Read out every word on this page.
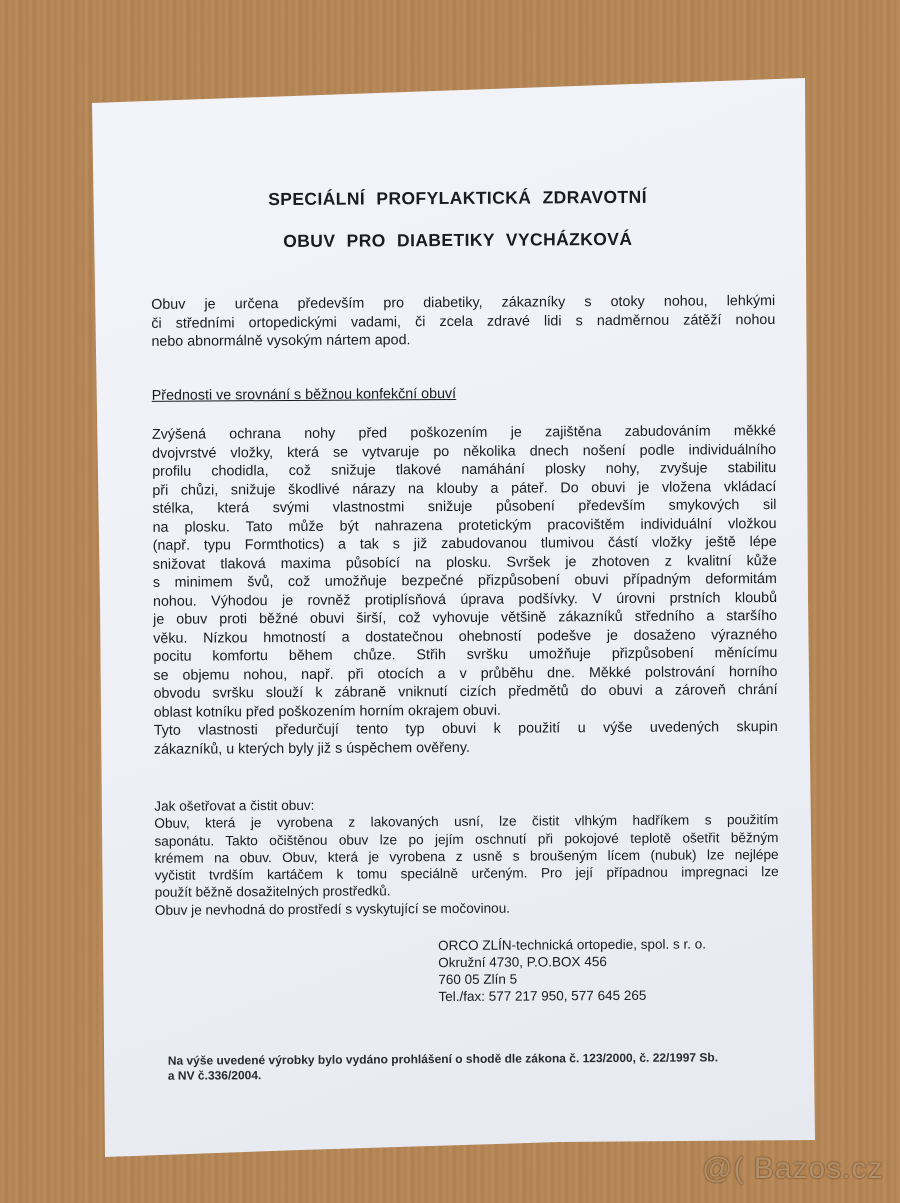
SPECIÁLNÍ PROFYLAKTICKÁ ZDRAVOTNÍ
OBUV PRO DIABETIKY VYCHÁZKOVÁ
Obuv je určena především pro diabetiky, zákazníky s otoky nohou, lehkými
či středními ortopedickými vadami, či zcela zdravé lidi s nadměrnou zátěží nohou
nebo abnormálně vysokým nártem apod.
Přednosti ve srovnání s běžnou konfekční obuví
Zvýšená ochrana nohy před poškozením je zajištěna zabudováním měkké
dvojvrstvé vložky, která se vytvaruje po několika dnech nošení podle individuálního
profilu chodidla, což snižuje tlakové namáhání plosky nohy, zvyšuje stabilitu
při chůzi, snižuje škodlivé nárazy na klouby a páteř. Do obuvi je vložena vkládací
stélka, která svými vlastnostmi snižuje působení především smykových sil
na plosku. Tato může být nahrazena protetickým pracovištěm individuální vložkou
(např. typu Formthotics) a tak s již zabudovanou tlumivou částí vložky ještě lépe
snižovat tlaková maxima působící na plosku. Svršek je zhotoven z kvalitní kůže
s minimem švů, což umožňuje bezpečné přizpůsobení obuvi případným deformitám
nohou. Výhodou je rovněž protiplísňová úprava podšívky. V úrovni prstních kloubů
je obuv proti běžné obuvi širší, což vyhovuje většině zákazníků středního a staršího
věku. Nízkou hmotností a dostatečnou ohebností podešve je dosaženo výrazného
pocitu komfortu během chůze. Střih svršku umožňuje přizpůsobení měnícímu
se objemu nohou, např. při otocích a v průběhu dne. Měkké polstrování horního
obvodu svršku slouží k zábraně vniknutí cizích předmětů do obuvi a zároveň chrání
oblast kotníku před poškozením horním okrajem obuvi.
Tyto vlastnosti předurčují tento typ obuvi k použití u výše uvedených skupin
zákazníků, u kterých byly již s úspěchem ověřeny.
Jak ošetřovat a čistit obuv:
Obuv, která je vyrobena z lakovaných usní, lze čistit vlhkým hadříkem s použitím
saponátu. Takto očištěnou obuv lze po jejím oschnutí při pokojové teplotě ošetřit běžným
krémem na obuv. Obuv, která je vyrobena z usně s broušeným lícem (nubuk) lze nejlépe
vyčistit tvrdším kartáčem k tomu speciálně určeným. Pro její případnou impregnaci lze
použít běžně dosažitelných prostředků.
Obuv je nevhodná do prostředí s vyskytující se močovinou.
ORCO ZLÍN-technická ortopedie, spol. s r. o.
Okružní 4730, P.O.BOX 456
760 05 Zlín 5
Tel./fax: 577 217 950, 577 645 265
Na výše uvedené výrobky bylo vydáno prohlášení o shodě dle zákona č. 123/2000, č. 22/1997 Sb.
a NV č.336/2004.
@( Bazos.cz
